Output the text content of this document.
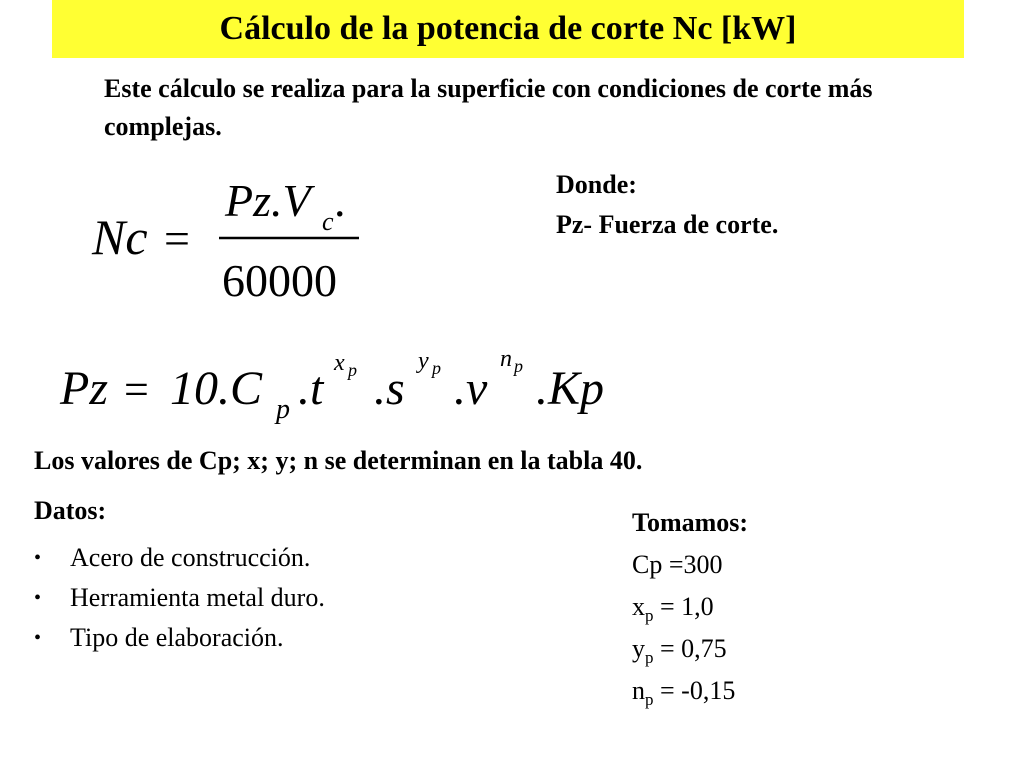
Cálculo de la potencia de corte Nc [kW]
Este cálculo se realiza para la superficie con condiciones de corte más complejas.
Donde:
Pz- Fuerza de corte.
Nc =
Pz.V c .
60000
Pz = 10.C p .t x p .s
y p .v
n p .Kp
Los valores de Cp; x; y; n se determinan en la tabla 40.
Datos:
•	Acero de construcción.
•	Herramienta metal duro.
•	Tipo de elaboración.
Tomamos:
Cp =300
$x_p = 1,0$
$y_p = 0,75$
$n_p = -0,15$
